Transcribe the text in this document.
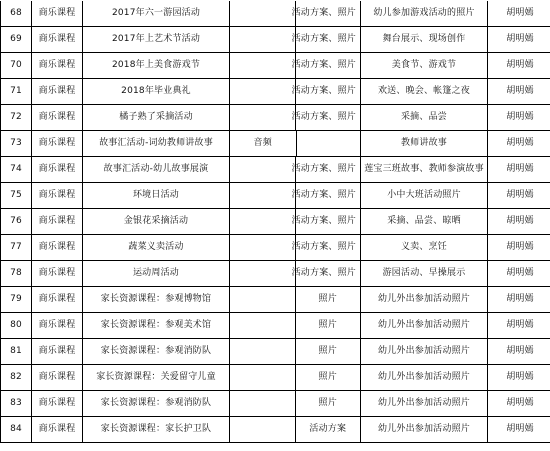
68	商乐课程	2017年六一游园活动	活动方案、照片	幼儿参加游戏活动的照片	胡明嫣
69	商乐课程	2017年上艺术节活动	活动方案、照片	舞台展示、现场创作	胡明嫣
70	商乐课程	2018年上美食游戏节	活动方案、照片	美食节、游戏节	胡明嫣
71	商乐课程	2018年毕业典礼	活动方案、照片	欢送、晚会、帐篷之夜	胡明嫣
72	商乐课程	橘子熟了采摘活动	活动方案、照片	采摘、品尝	胡明嫣
73	商乐课程	故事汇活动-词幼教师讲故事	音频	教师讲故事	胡明嫣
74	商乐课程	故事汇活动-幼儿故事展演	活动方案、照片	莲宝三班故事、教师参演故事	胡明嫣
75	商乐课程	环境日活动	活动方案、照片	小中大班活动照片	胡明嫣
76	商乐课程	金银花采摘活动	活动方案、照片	采摘、品尝、晾晒	胡明嫣
77	商乐课程	蔬菜义卖活动	活动方案、照片	义卖、烹饪	胡明嫣
78	商乐课程	运动周活动	活动方案、照片	游园活动、早操展示	胡明嫣
79	商乐课程	家长资源课程：参观博物馆	照片	幼儿外出参加活动照片	胡明嫣
80	商乐课程	家长资源课程：参观美术馆	照片	幼儿外出参加活动照片	胡明嫣
81	商乐课程	家长资源课程：参观消防队	照片	幼儿外出参加活动照片	胡明嫣
82	商乐课程	家长资源课程：关爱留守儿童	照片	幼儿外出参加活动照片	胡明嫣
83	商乐课程	家长资源课程：参观消防队	照片	幼儿外出参加活动照片	胡明嫣
84	商乐课程	家长资源课程：家长护卫队	活动方案	幼儿外出参加活动照片	胡明嫣
